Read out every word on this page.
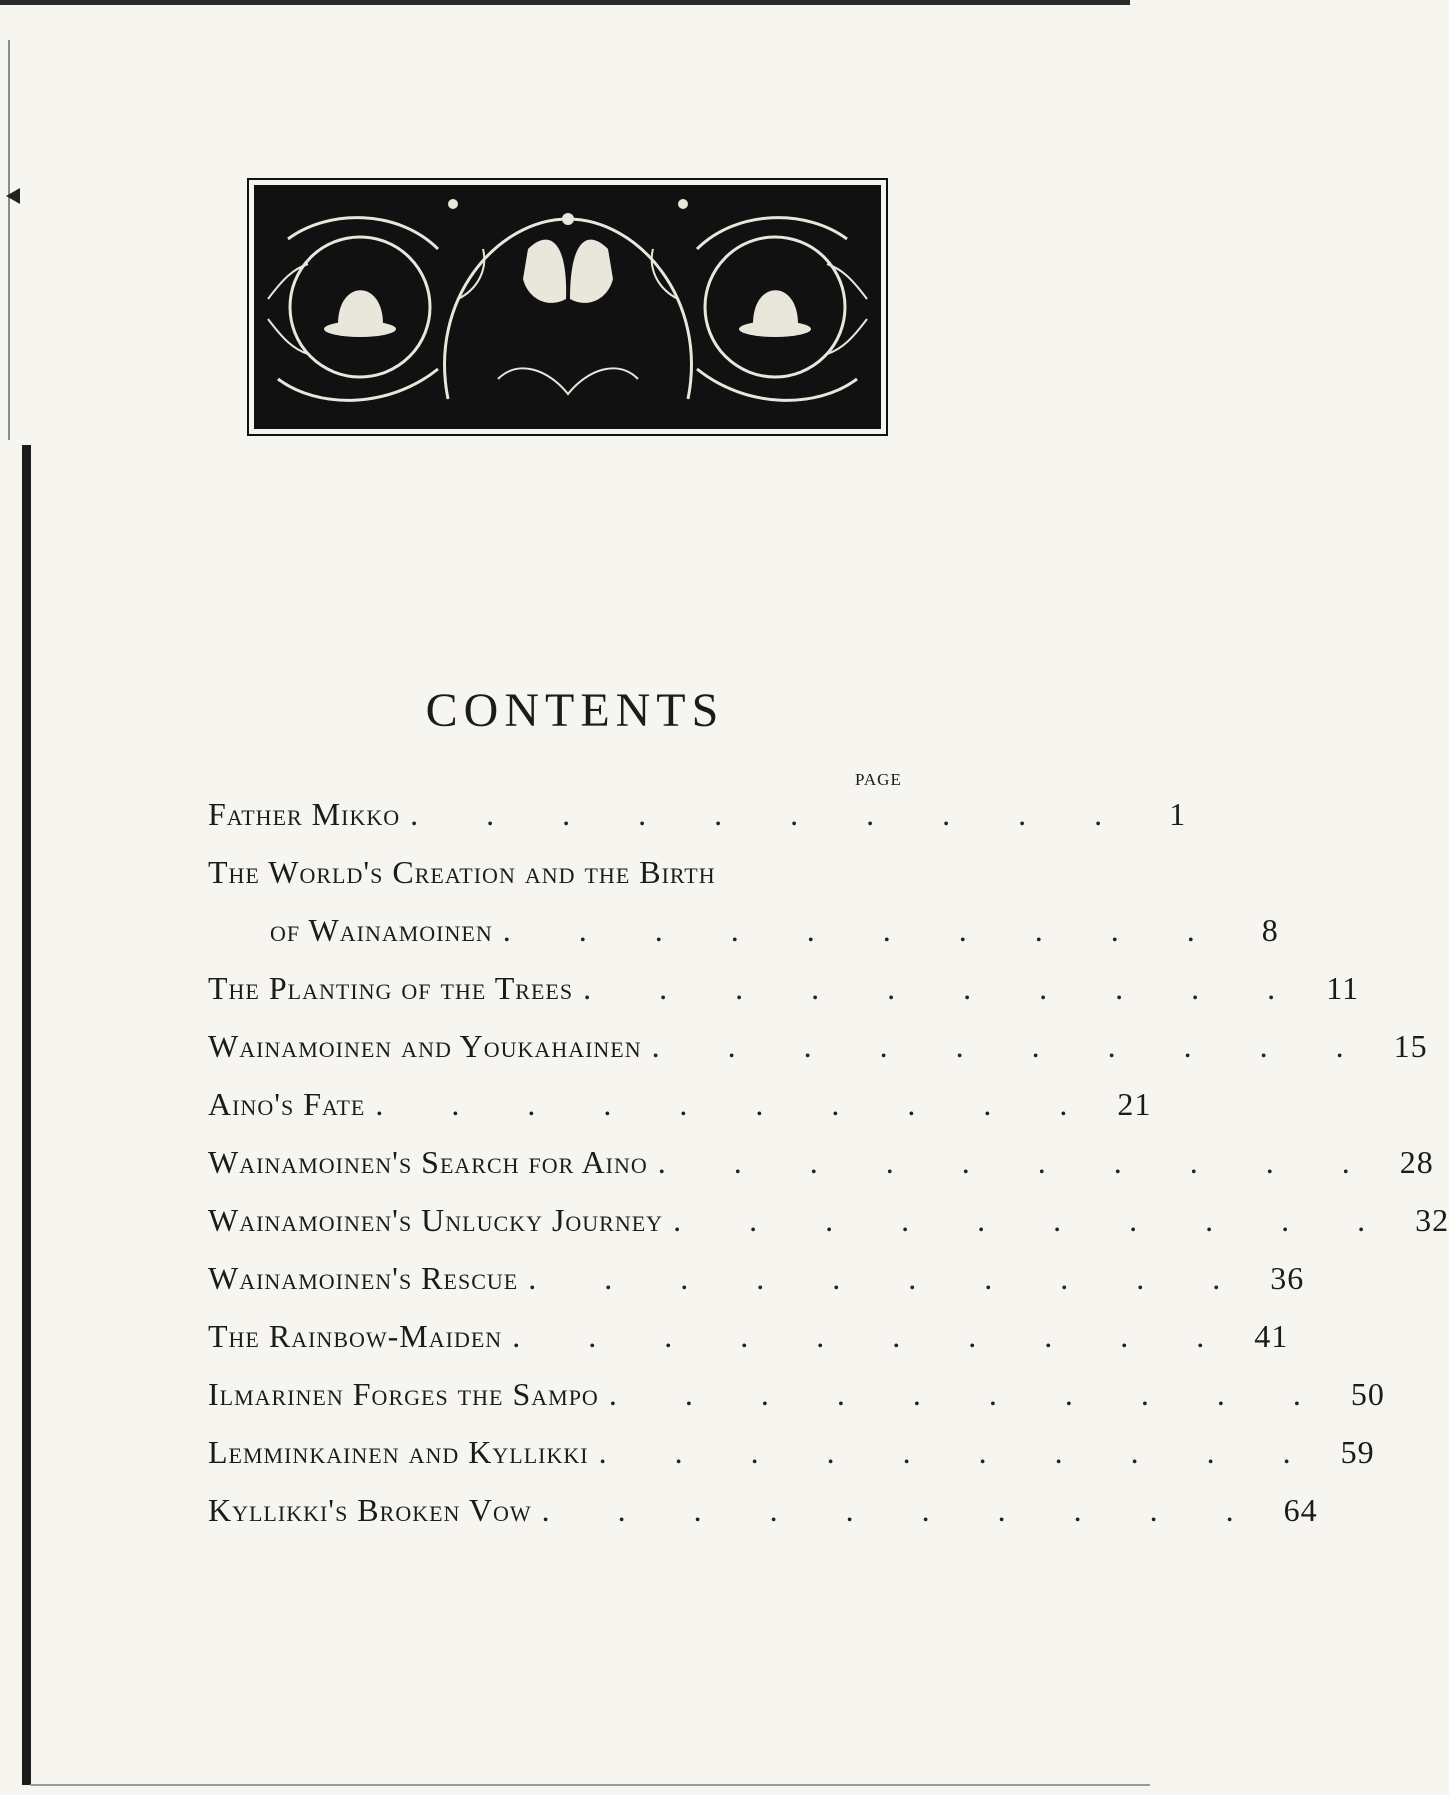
CONTENTS
PAGE
Father Mikko . . . . . . . . . .	1
The World's Creation and the Birth
of Wainamoinen . . . . . . . . . .	8
The Planting of the Trees . . . . . . . . . . 11
Wainamoinen and Youkahainen . . . . . . . . . . 15
Aino's Fate . . . . . . . . . . 21
Wainamoinen's Search for Aino . . . . . . . . . . 28
Wainamoinen's Unlucky Journey . . . . . . . . . . 32
Wainamoinen's Rescue . . . . . . . . . . 36
The Rainbow-Maiden . . . . . . . . . . 41
Ilmarinen Forges the Sampo . . . . . . . . . . 50
Lemminkainen and Kyllikki . . . . . . . . . . 59
Kyllikki's Broken Vow . . . . . . . . . . 64
